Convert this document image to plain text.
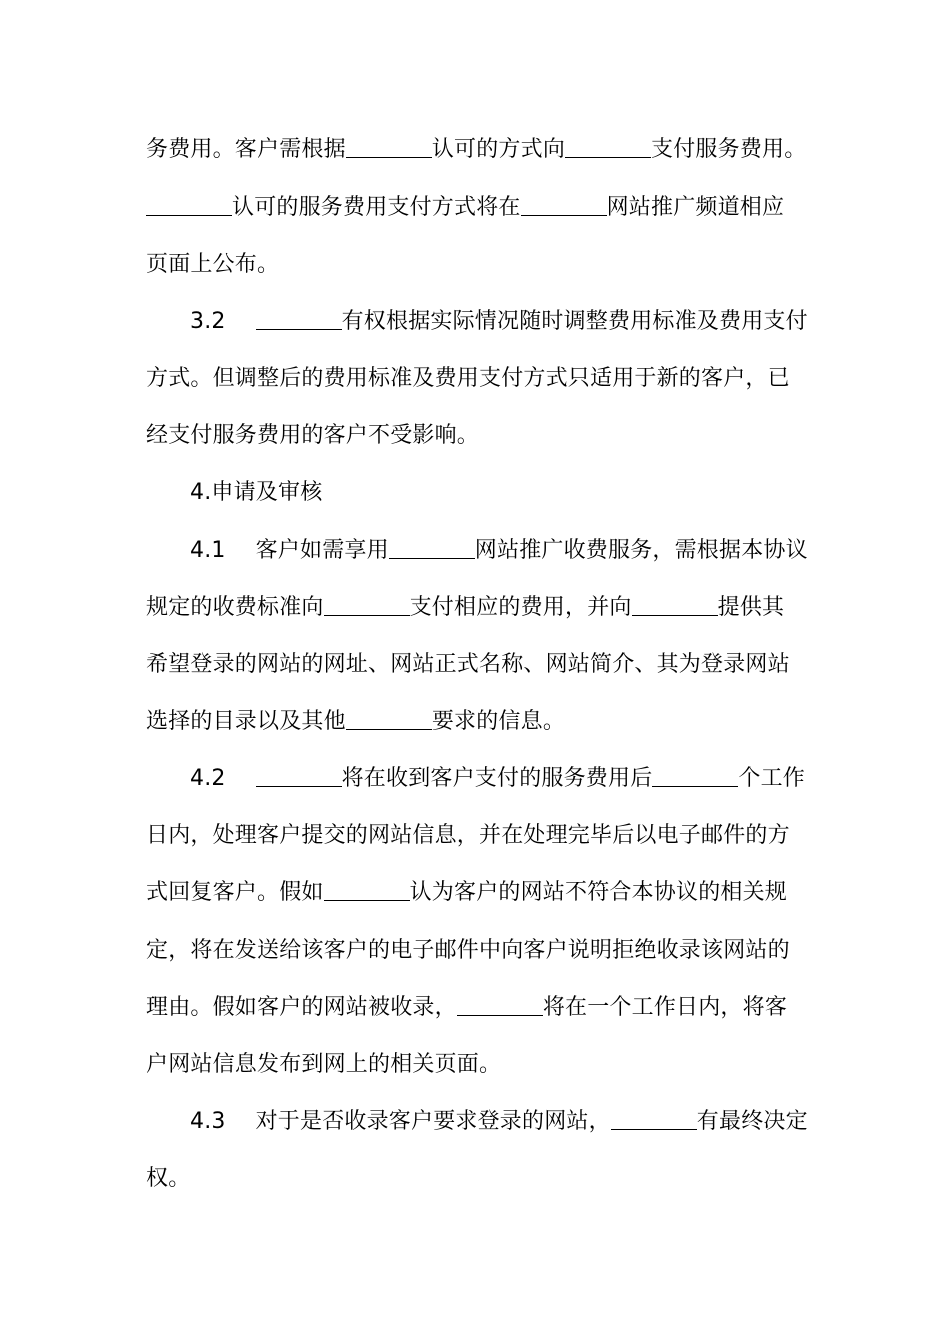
务费用。客户需根据	认可的方式向	支付服务费用。
认可的服务费用支付方式将在	网站推广频道相应
页面上公布。
3.2	有权根据实际情况随时调整费用标准及费用支付
方式。但调整后的费用标准及费用支付方式只适用于新的客户，已
经支付服务费用的客户不受影响。
4.申请及审核
4.1 客户如需享用	网站推广收费服务，需根据本协议
规定的收费标准向	支付相应的费用，并向	提供其
希望登录的网站的网址、网站正式名称、网站简介、其为登录网站
选择的目录以及其他	要求的信息。
4.2	将在收到客户支付的服务费用后	个工作
日内，处理客户提交的网站信息，并在处理完毕后以电子邮件的方
式回复客户。假如	认为客户的网站不符合本协议的相关规
定，将在发送给该客户的电子邮件中向客户说明拒绝收录该网站的
理由。假如客户的网站被收录，	将在一个工作日内，将客
户网站信息发布到网上的相关页面。
4.3 对于是否收录客户要求登录的网站，	有最终决定
权。
